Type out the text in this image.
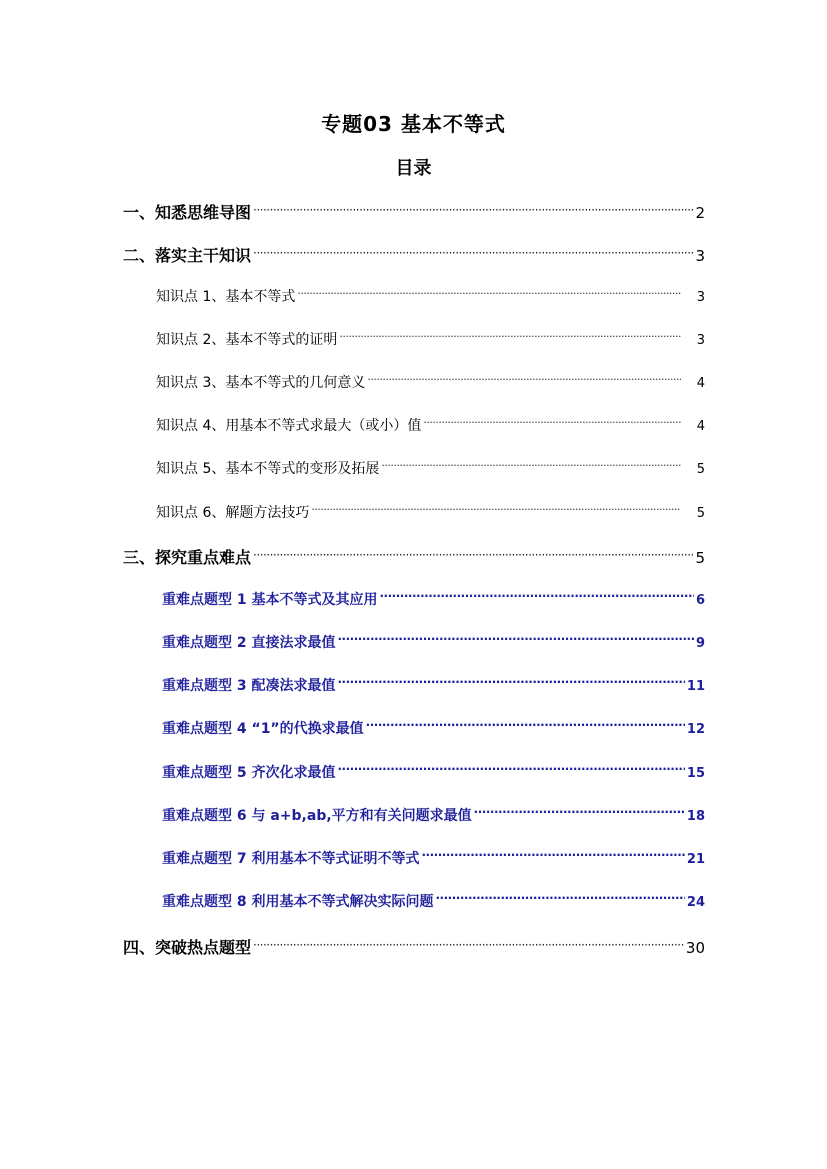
专题03 基本不等式
目录
一、知悉思维导图 ·····	2
二、落实主干知识 ·····	3
知识点 1、基本不等式 ·····	3
知识点 2、基本不等式的证明 ·····	3
知识点 3、基本不等式的几何意义 ·····	4
知识点 4、用基本不等式求最大（或小）值 ·····	4
知识点 5、基本不等式的变形及拓展 ·····	5
知识点 6、解题方法技巧 ·····	5
三、探究重点难点 ·····	5
重难点题型 1 基本不等式及其应用 ·····	6
重难点题型 2 直接法求最值 ·····	9
重难点题型 3 配凑法求最值 ·····	11
重难点题型 4 “1”的代换求最值 ·····	12
重难点题型 5 齐次化求最值 ·····	15
重难点题型 6 与 a+b,ab,平方和有关问题求最值 ·····	18
重难点题型 7 利用基本不等式证明不等式 ·····	21
重难点题型 8 利用基本不等式解决实际问题 ·····	24
四、突破热点题型 ·····	30
